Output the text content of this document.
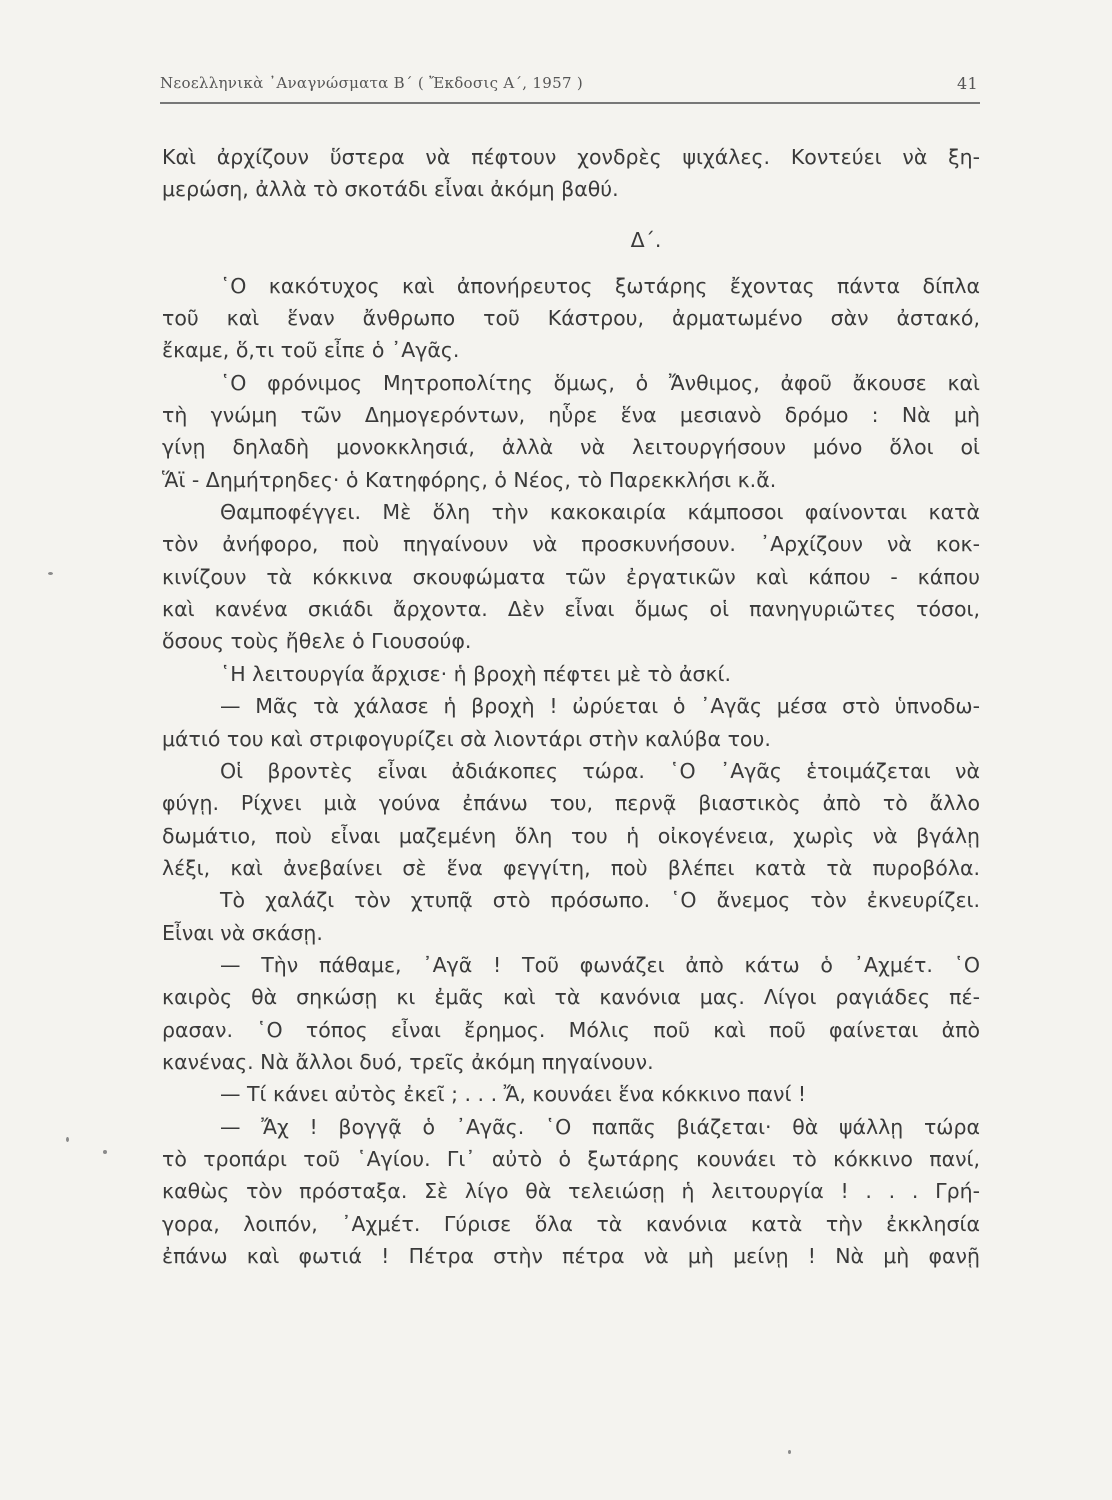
Νεοελληνικὰ ᾿Αναγνώσματα Β΄ ( Ἔκδοσις Α΄, 1957 )	41
Καὶ ἀρχίζουν ὕστερα νὰ πέφτουν χονδρὲς ψιχάλες. Κοντεύει νὰ ξη-
μερώση, ἀλλὰ τὸ σκοτάδι εἶναι ἀκόμη βαθύ.
Δ΄.
῾Ο κακότυχος καὶ ἀπονήρευτος ξωτάρης ἔχοντας πάντα δίπλα
τοῦ καὶ ἕναν ἄνθρωπο τοῦ Κάστρου, ἀρματωμένο σὰν ἀστακό,
ἔκαμε, ὅ,τι τοῦ εἶπε ὁ ᾿Αγᾶς.
῾Ο φρόνιμος Μητροπολίτης ὅμως, ὁ Ἄνθιμος, ἀφοῦ ἄκουσε καὶ
τὴ γνώμη τῶν Δημογερόντων, ηὗρε ἕνα μεσιανὸ δρόμο : Νὰ μὴ
γίνῃ δηλαδὴ μονοκκλησιά, ἀλλὰ νὰ λειτουργήσουν μόνο ὅλοι οἱ
Ἅϊ - Δημήτρηδες· ὁ Κατηφόρης, ὁ Νέος, τὸ Παρεκκλήσι κ.ἄ.
Θαμποφέγγει. Μὲ ὅλη τὴν κακοκαιρία κάμποσοι φαίνονται κατὰ
τὸν ἀνήφορο, ποὺ πηγαίνουν νὰ προσκυνήσουν. ᾿Αρχίζουν νὰ κοκ-
κινίζουν τὰ κόκκινα σκουφώματα τῶν ἐργατικῶν καὶ κάπου - κάπου
καὶ κανένα σκιάδι ἄρχοντα. Δὲν εἶναι ὅμως οἱ πανηγυριῶτες τόσοι,
ὅσους τοὺς ἤθελε ὁ Γιουσούφ.
῾Η λειτουργία ἄρχισε· ἡ βροχὴ πέφτει μὲ τὸ ἀσκί.
— Μᾶς τὰ χάλασε ἡ βροχὴ ! ὠρύεται ὁ ᾿Αγᾶς μέσα στὸ ὑπνοδω-
μάτιό του καὶ στριφογυρίζει σὰ λιοντάρι στὴν καλύβα του.
Οἱ βροντὲς εἶναι ἀδιάκοπες τώρα. ῾Ο ᾿Αγᾶς ἑτοιμάζεται νὰ
φύγῃ. Ρίχνει μιὰ γούνα ἐπάνω του, περνᾷ βιαστικὸς ἀπὸ τὸ ἄλλο
δωμάτιο, ποὺ εἶναι μαζεμένη ὅλη του ἡ οἰκογένεια, χωρὶς νὰ βγάλῃ
λέξι, καὶ ἀνεβαίνει σὲ ἕνα φεγγίτη, ποὺ βλέπει κατὰ τὰ πυροβόλα.
Τὸ χαλάζι τὸν χτυπᾷ στὸ πρόσωπο. ῾Ο ἄνεμος τὸν ἐκνευρίζει.
Εἶναι νὰ σκάσῃ.
— Τὴν πάθαμε, ᾿Αγᾶ ! Τοῦ φωνάζει ἀπὸ κάτω ὁ ᾿Αχμέτ. ῾Ο
καιρὸς θὰ σηκώσῃ κι ἐμᾶς καὶ τὰ κανόνια μας. Λίγοι ραγιάδες πέ-
ρασαν. ῾Ο τόπος εἶναι ἔρημος. Μόλις ποῦ καὶ ποῦ φαίνεται ἀπὸ
κανένας. Νὰ ἄλλοι δυό, τρεῖς ἀκόμη πηγαίνουν.
— Τί κάνει αὐτὸς ἐκεῖ ; . . . Ἄ, κουνάει ἕνα κόκκινο πανί !
— Ἄχ ! βογγᾷ ὁ ᾿Αγᾶς. ῾Ο παπᾶς βιάζεται· θὰ ψάλλῃ τώρα
τὸ τροπάρι τοῦ ῾Αγίου. Γι᾿ αὐτὸ ὁ ξωτάρης κουνάει τὸ κόκκινο πανί,
καθὼς τὸν πρόσταξα. Σὲ λίγο θὰ τελειώσῃ ἡ λειτουργία ! . . . Γρή-
γορα, λοιπόν, ᾿Αχμέτ. Γύρισε ὅλα τὰ κανόνια κατὰ τὴν ἐκκλησία
ἐπάνω καὶ φωτιά ! Πέτρα στὴν πέτρα νὰ μὴ μείνῃ ! Νὰ μὴ φανῇ
